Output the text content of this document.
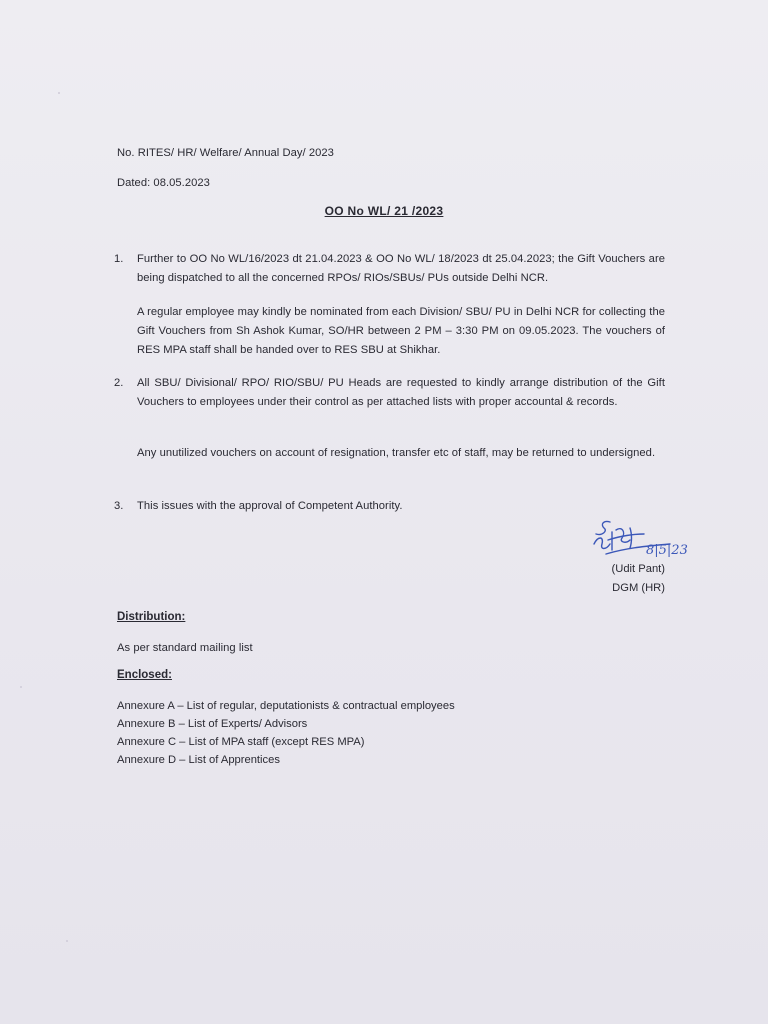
No. RITES/ HR/ Welfare/ Annual Day/ 2023
Dated: 08.05.2023
OO No WL/ 21 /2023
1.	Further to OO No WL/16/2023 dt 21.04.2023 & OO No WL/ 18/2023 dt 25.04.2023; the Gift Vouchers are being dispatched to all the concerned RPOs/ RIOs/SBUs/ PUs outside Delhi NCR.
A regular employee may kindly be nominated from each Division/ SBU/ PU in Delhi NCR for collecting the Gift Vouchers from Sh Ashok Kumar, SO/HR between 2 PM – 3:30 PM on 09.05.2023. The vouchers of RES MPA staff shall be handed over to RES SBU at Shikhar.
2.	All SBU/ Divisional/ RPO/ RIO/SBU/ PU Heads are requested to kindly arrange distribution of the Gift Vouchers to employees under their control as per attached lists with proper accountal & records.
Any unutilized vouchers on account of resignation, transfer etc of staff, may be returned to undersigned.
3.	This issues with the approval of Competent Authority.
8|5|23
(Udit Pant)
DGM (HR)
Distribution:
As per standard mailing list
Enclosed:
Annexure A – List of regular, deputationists & contractual employees
Annexure B – List of Experts/ Advisors
Annexure C – List of MPA staff (except RES MPA)
Annexure D – List of Apprentices
